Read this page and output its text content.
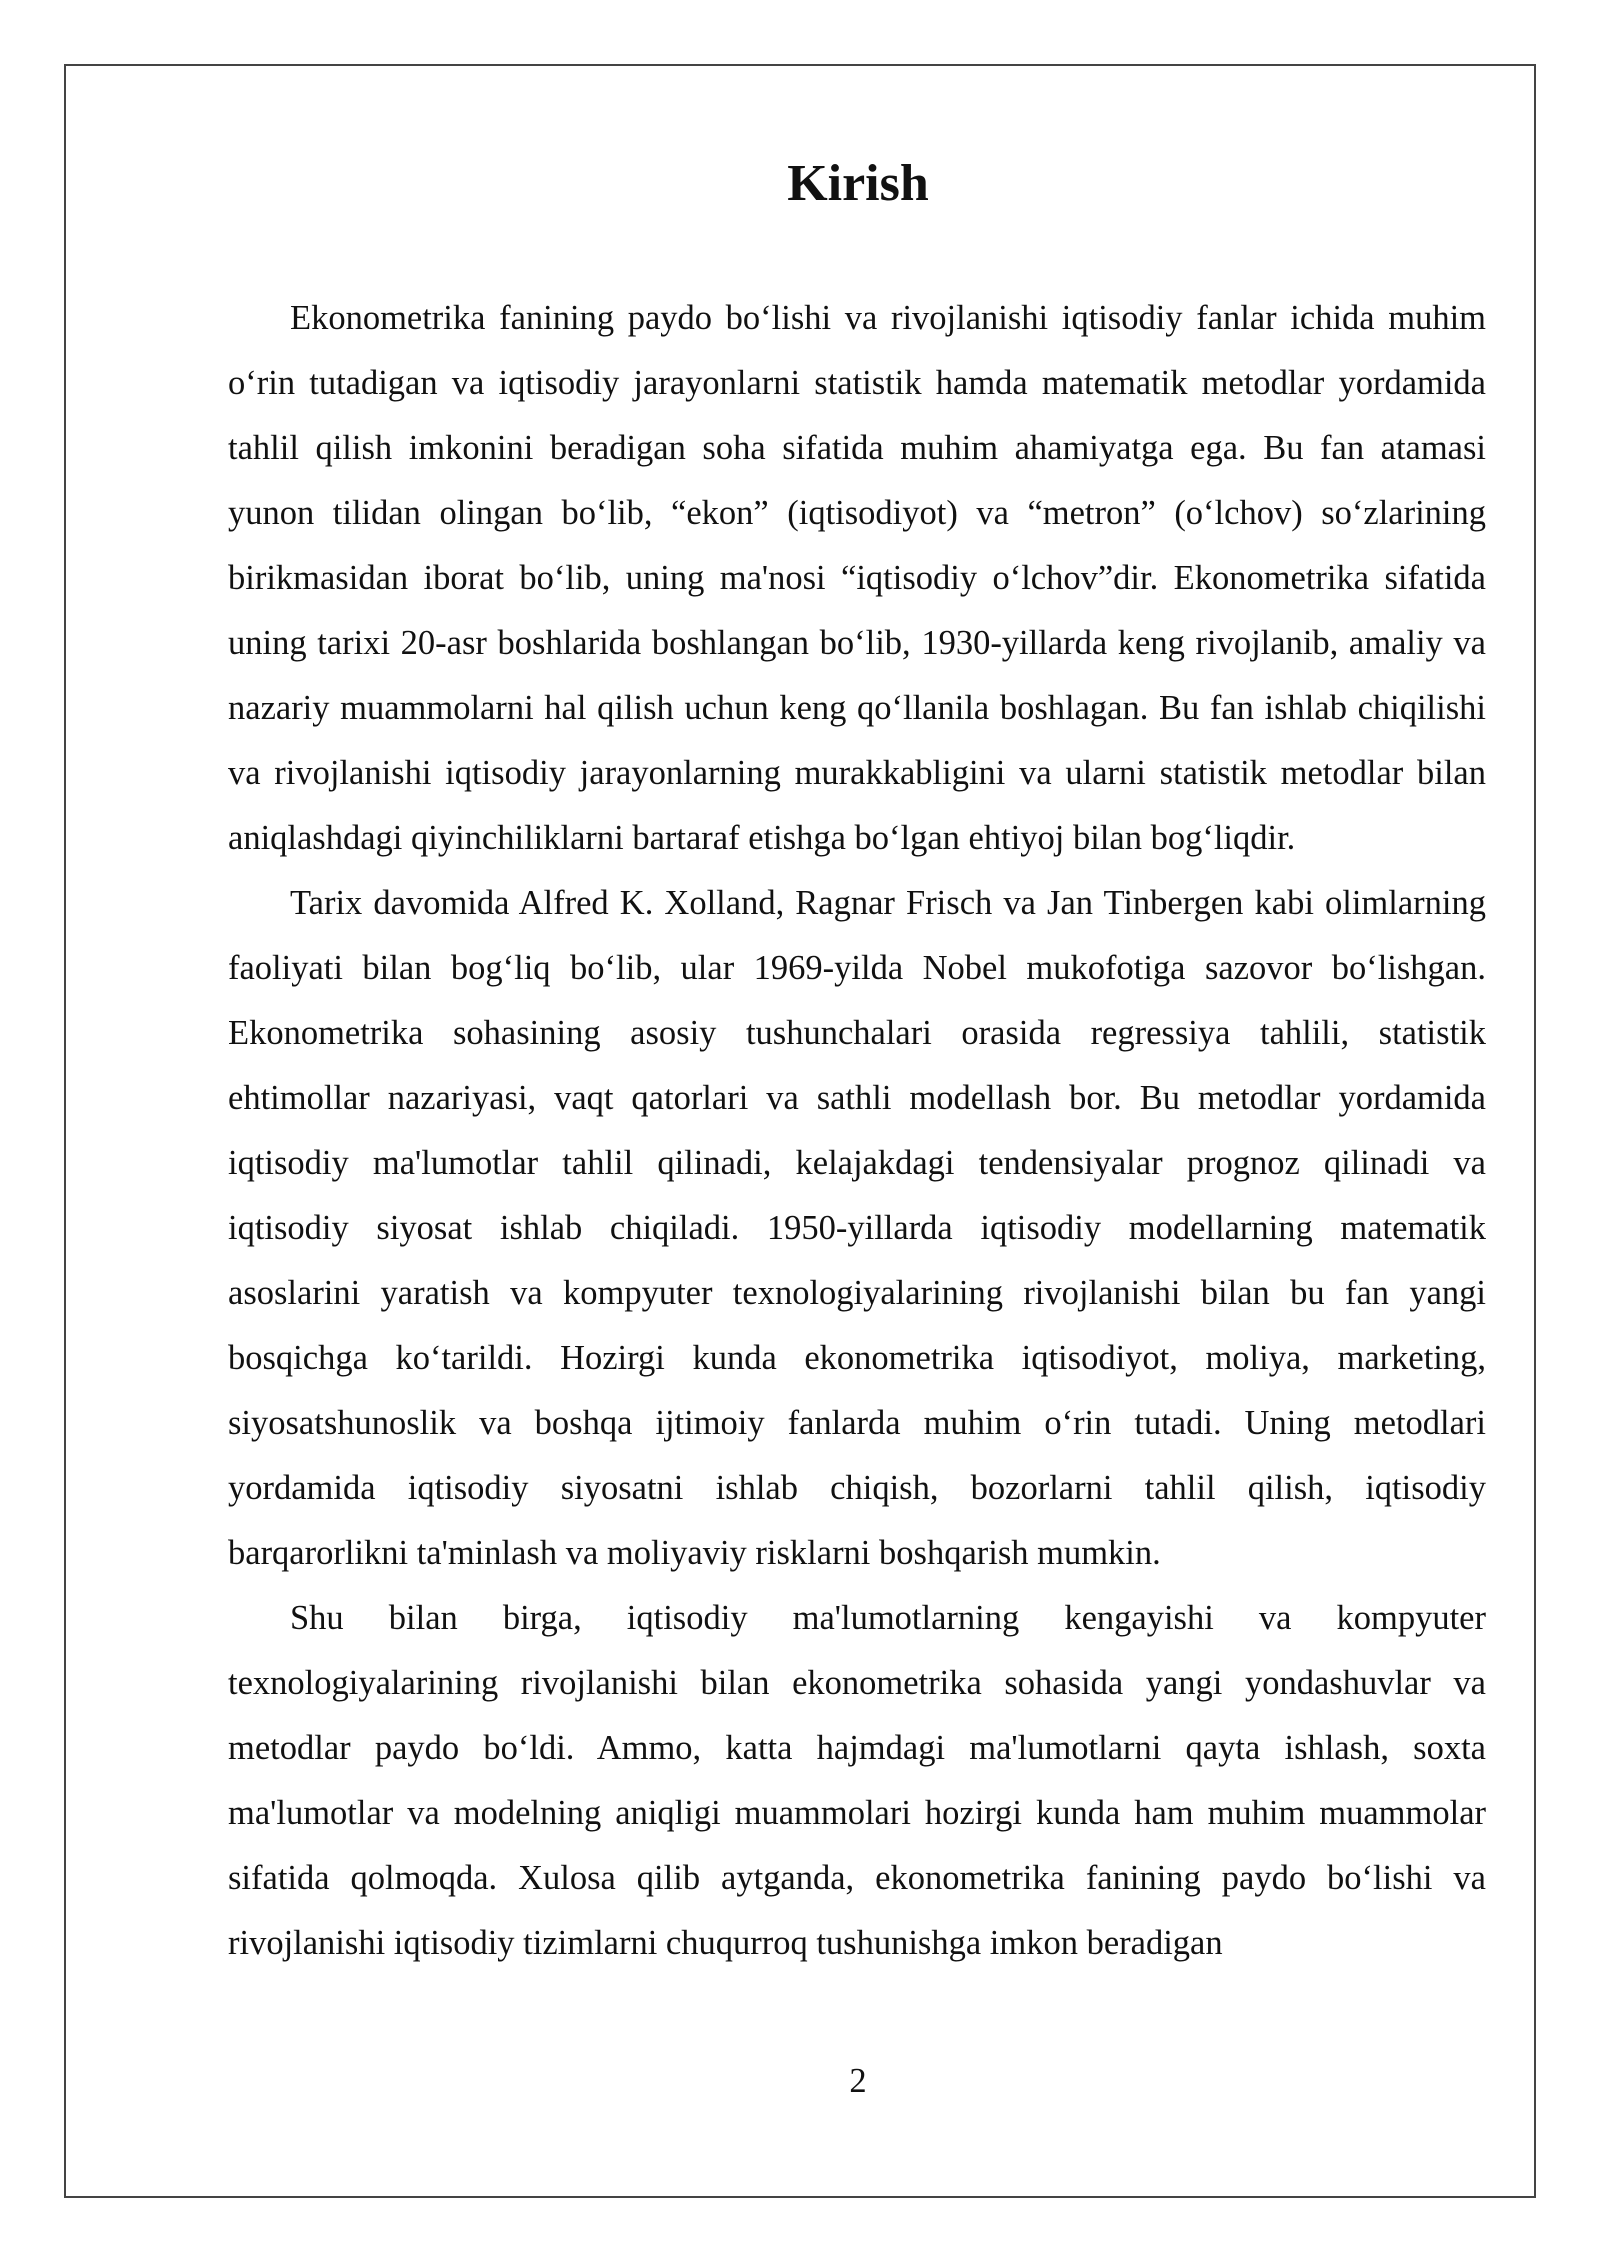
Kirish

Ekonometrika fanining paydo boʻlishi va rivojlanishi iqtisodiy fanlar ichida muhim oʻrin tutadigan va iqtisodiy jarayonlarni statistik hamda matematik metodlar yordamida tahlil qilish imkonini beradigan soha sifatida muhim ahamiyatga ega. Bu fan atamasi yunon tilidan olingan boʻlib, “ekon” (iqtisodiyot) va “metron” (oʻlchov) soʻzlarining birikmasidan iborat boʻlib, uning ma'nosi “iqtisodiy oʻlchov”dir. Ekonometrika sifatida uning tarixi 20-asr boshlarida boshlangan boʻlib, 1930-yillarda keng rivojlanib, amaliy va nazariy muammolarni hal qilish uchun keng qoʻllanila boshlagan. Bu fan ishlab chiqilishi va rivojlanishi iqtisodiy jarayonlarning murakkabligini va ularni statistik metodlar bilan aniqlashdagi qiyinchiliklarni bartaraf etishga boʻlgan ehtiyoj bilan bogʻliqdir.

Tarix davomida Alfred K. Xolland, Ragnar Frisch va Jan Tinbergen kabi olimlarning faoliyati bilan bogʻliq boʻlib, ular 1969-yilda Nobel mukofotiga sazovor boʻlishgan. Ekonometrika sohasining asosiy tushunchalari orasida regressiya tahlili, statistik ehtimollar nazariyasi, vaqt qatorlari va sathli modellash bor. Bu metodlar yordamida iqtisodiy ma'lumotlar tahlil qilinadi, kelajakdagi tendensiyalar prognoz qilinadi va iqtisodiy siyosat ishlab chiqiladi. 1950-yillarda iqtisodiy modellarning matematik asoslarini yaratish va kompyuter texnologiyalarining rivojlanishi bilan bu fan yangi bosqichga koʻtarildi. Hozirgi kunda ekonometrika iqtisodiyot, moliya, marketing, siyosatshunoslik va boshqa ijtimoiy fanlarda muhim oʻrin tutadi. Uning metodlari yordamida iqtisodiy siyosatni ishlab chiqish, bozorlarni tahlil qilish, iqtisodiy barqarorlikni ta'minlash va moliyaviy risklarni boshqarish mumkin.

Shu bilan birga, iqtisodiy ma'lumotlarning kengayishi va kompyuter texnologiyalarining rivojlanishi bilan ekonometrika sohasida yangi yondashuvlar va metodlar paydo boʻldi. Ammo, katta hajmdagi ma'lumotlarni qayta ishlash, soxta ma'lumotlar va modelning aniqligi muammolari hozirgi kunda ham muhim muammolar sifatida qolmoqda. Xulosa qilib aytganda, ekonometrika fanining paydo boʻlishi va rivojlanishi iqtisodiy tizimlarni chuqurroq tushunishga imkon beradigan

2
